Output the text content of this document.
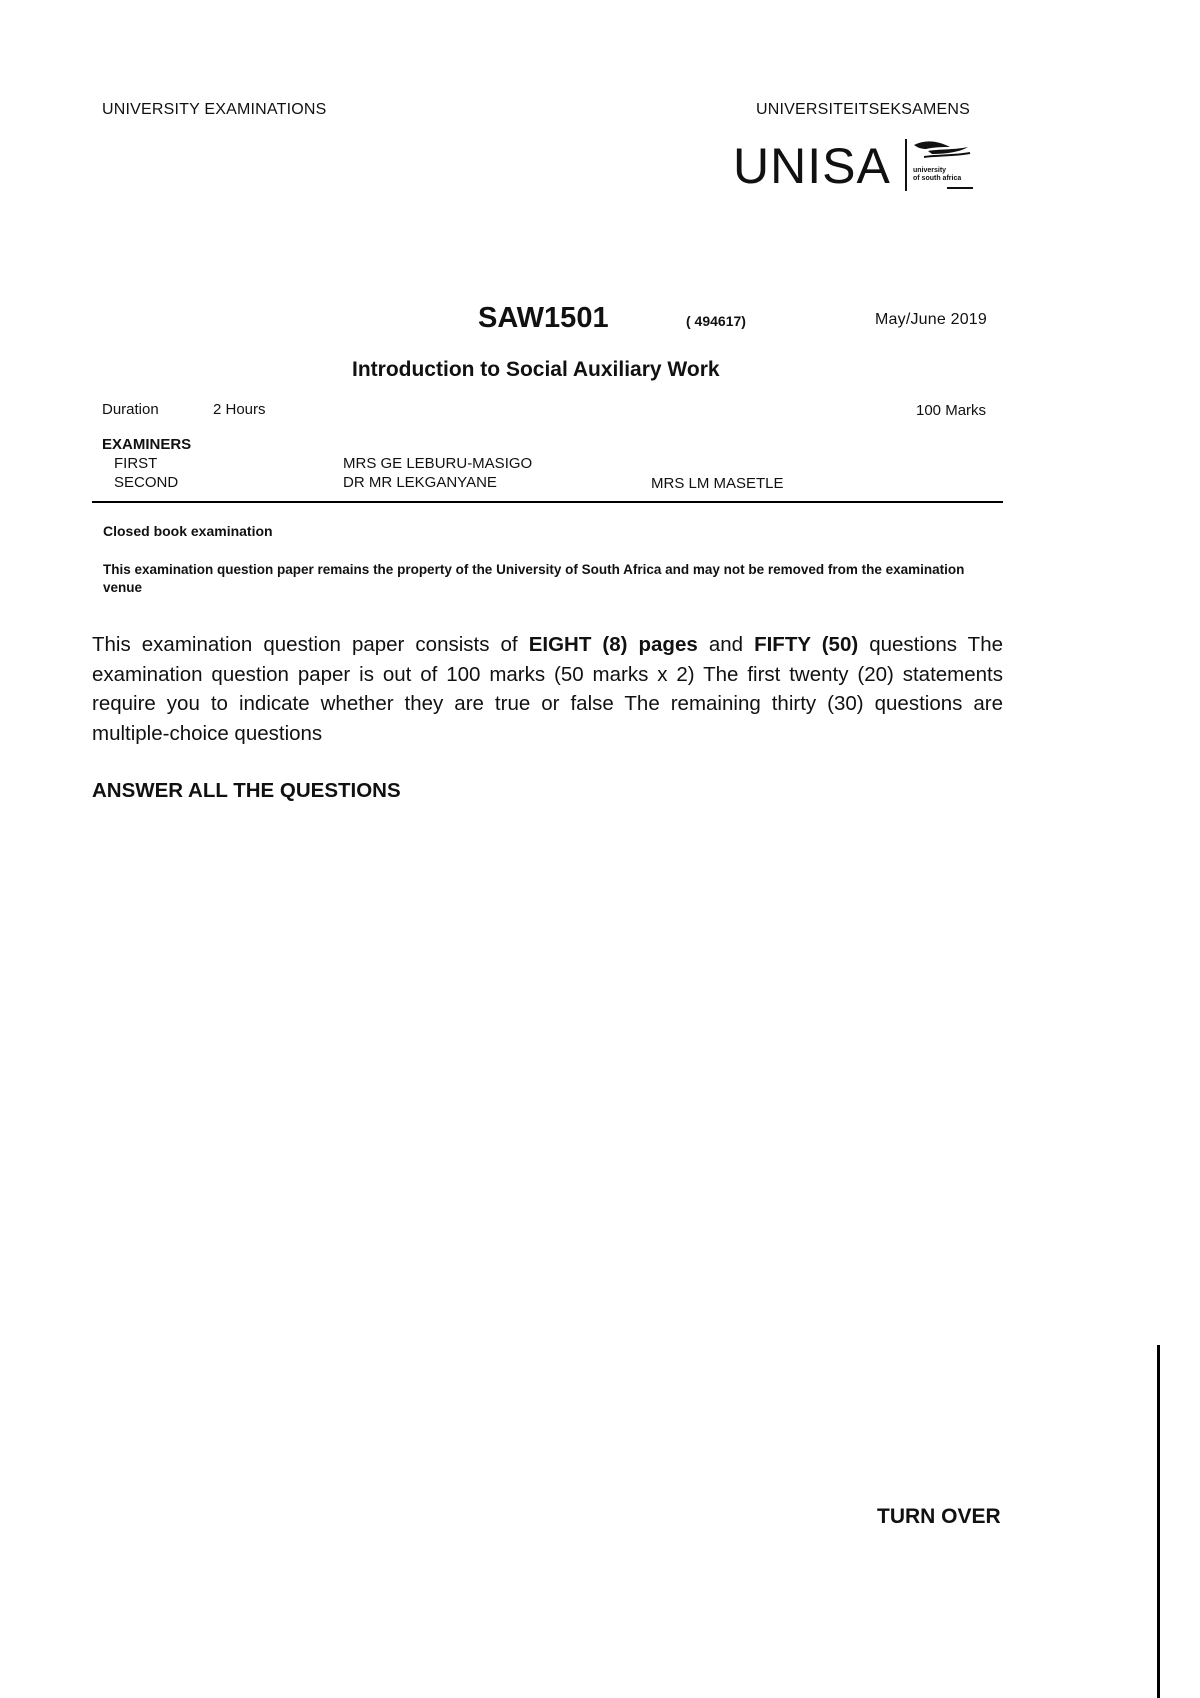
UNIVERSITY EXAMINATIONS	UNIVERSITEITSEKSAMENS
UNISA	university
of south africa
SAW1501	( 494617)	May/June 2019
Introduction to Social Auxiliary Work
Duration	2 Hours	100 Marks
EXAMINERS
FIRST	MRS GE LEBURU-MASIGO
SECOND	DR MR LEKGANYANE	MRS LM MASETLE
Closed book examination
This examination question paper remains the property of the University of South Africa and may not be removed from the examination venue
This examination question paper consists of EIGHT (8) pages and FIFTY (50) questions The examination question paper is out of 100 marks (50 marks x 2) The first twenty (20) statements require you to indicate whether they are true or false The remaining thirty (30) questions are multiple-choice questions
ANSWER ALL THE QUESTIONS
TURN OVER
